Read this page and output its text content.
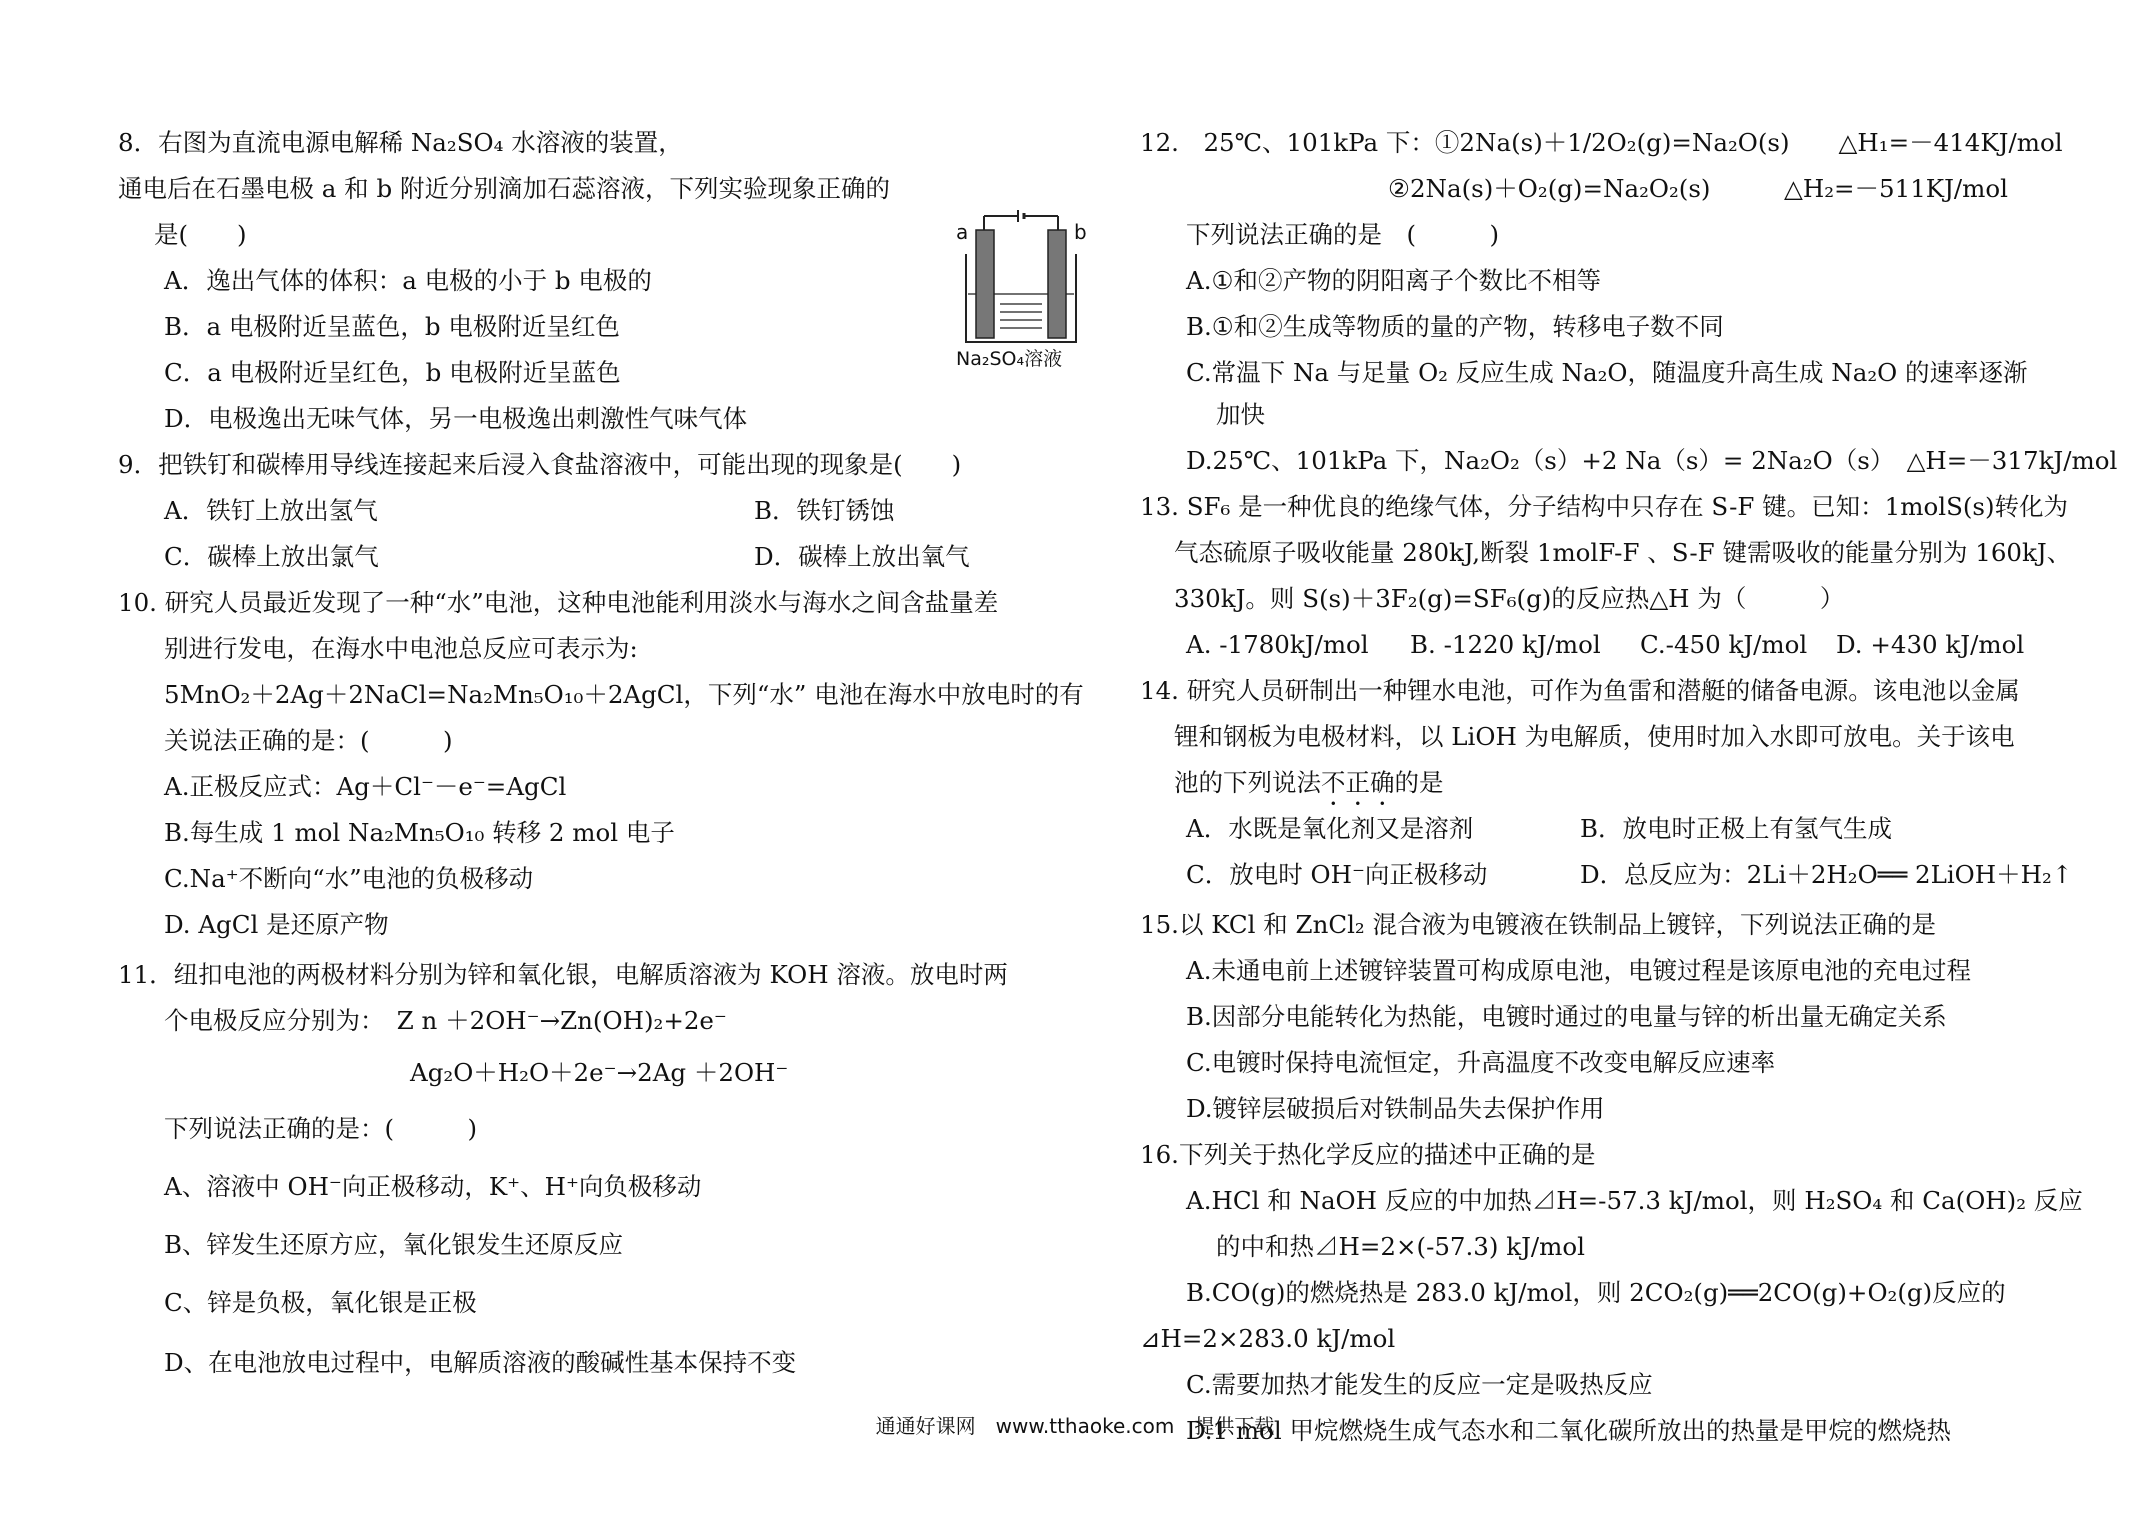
8．右图为直流电源电解稀 Na₂SO₄ 水溶液的装置，
通电后在石墨电极 a 和 b 附近分别滴加石蕊溶液，下列实验现象正确的
是(　　)
A．逸出气体的体积：a 电极的小于 b 电极的
B．a 电极附近呈蓝色，b 电极附近呈红色
C．a 电极附近呈红色，b 电极附近呈蓝色
D．电极逸出无味气体，另一电极逸出刺激性气味气体
9．把铁钉和碳棒用导线连接起来后浸入食盐溶液中，可能出现的现象是(　　)
A．铁钉上放出氢气	B．铁钉锈蚀
C．碳棒上放出氯气	D．碳棒上放出氧气
10. 研究人员最近发现了一种“水”电池，这种电池能利用淡水与海水之间含盐量差
别进行发电，在海水中电池总反应可表示为:
5MnO₂＋2Ag＋2NaCl=Na₂Mn₅O₁₀＋2AgCl，下列“水” 电池在海水中放电时的有
关说法正确的是：(　　　)
A.正极反应式：Ag＋Cl⁻－e⁻=AgCl
B.每生成 1 mol Na₂Mn₅O₁₀ 转移 2 mol 电子
C.Na⁺不断向“水”电池的负极移动
D. AgCl 是还原产物
11．纽扣电池的两极材料分别为锌和氧化银，电解质溶液为 KOH 溶液。放电时两
个电极反应分别为：　Z n ＋2OH⁻→Zn(OH)₂+2e⁻
Ag₂O＋H₂O＋2e⁻→2Ag ＋2OH⁻
下列说法正确的是：(　　　)
A、溶液中 OH⁻向正极移动，K⁺、H⁺向负极移动
B、锌发生还原方应，氧化银发生还原反应
C、锌是负极，氧化银是正极
D、在电池放电过程中，电解质溶液的酸碱性基本保持不变
a	b
Na₂SO₄溶液
12.　25℃、101kPa 下：①2Na(s)＋1/2O₂(g)=Na₂O(s)　　△H₁=－414KJ/mol
②2Na(s)＋O₂(g)=Na₂O₂(s)　　　△H₂=－511KJ/mol
下列说法正确的是　(　　　)
A.①和②产物的阴阳离子个数比不相等
B.①和②生成等物质的量的产物，转移电子数不同
C.常温下 Na 与足量 O₂ 反应生成 Na₂O，随温度升高生成 Na₂O 的速率逐渐
加快
D.25℃、101kPa 下，Na₂O₂（s）+2 Na（s）= 2Na₂O（s）　△H=－317kJ/mol
13. SF₆ 是一种优良的绝缘气体，分子结构中只存在 S-F 键。已知：1molS(s)转化为
气态硫原子吸收能量 280kJ,断裂 1molF-F 、S-F 键需吸收的能量分别为 160kJ、
330kJ。则 S(s)＋3F₂(g)=SF₆(g)的反应热△H 为（　　　）
A. -1780kJ/mol B. -1220 kJ/mol C.-450 kJ/mol D. +430 kJ/mol
14. 研究人员研制出一种锂水电池，可作为鱼雷和潜艇的储备电源。该电池以金属
锂和钢板为电极材料，以 LiOH 为电解质，使用时加入水即可放电。关于该电
池的下列说法不正确的是
A．水既是氧化剂又是溶剂	B．放电时正极上有氢气生成
C．放电时 OH⁻向正极移动	D．总反应为：2Li＋2H₂O══ 2LiOH＋H₂↑
15.以 KCl 和 ZnCl₂ 混合液为电镀液在铁制品上镀锌，下列说法正确的是
A.未通电前上述镀锌装置可构成原电池，电镀过程是该原电池的充电过程
B.因部分电能转化为热能，电镀时通过的电量与锌的析出量无确定关系
C.电镀时保持电流恒定，升高温度不改变电解反应速率
D.镀锌层破损后对铁制品失去保护作用
16.下列关于热化学反应的描述中正确的是
A.HCl 和 NaOH 反应的中加热⊿H=-57.3 kJ/mol，则 H₂SO₄ 和 Ca(OH)₂ 反应
的中和热⊿H=2×(-57.3) kJ/mol
B.CO(g)的燃烧热是 283.0 kJ/mol，则 2CO₂(g)══2CO(g)+O₂(g)反应的
⊿H=2×283.0 kJ/mol
C.需要加热才能发生的反应一定是吸热反应
D.1 mol 甲烷燃烧生成气态水和二氧化碳所放出的热量是甲烷的燃烧热
通通好课网　www.tthaoke.com　提供下载
